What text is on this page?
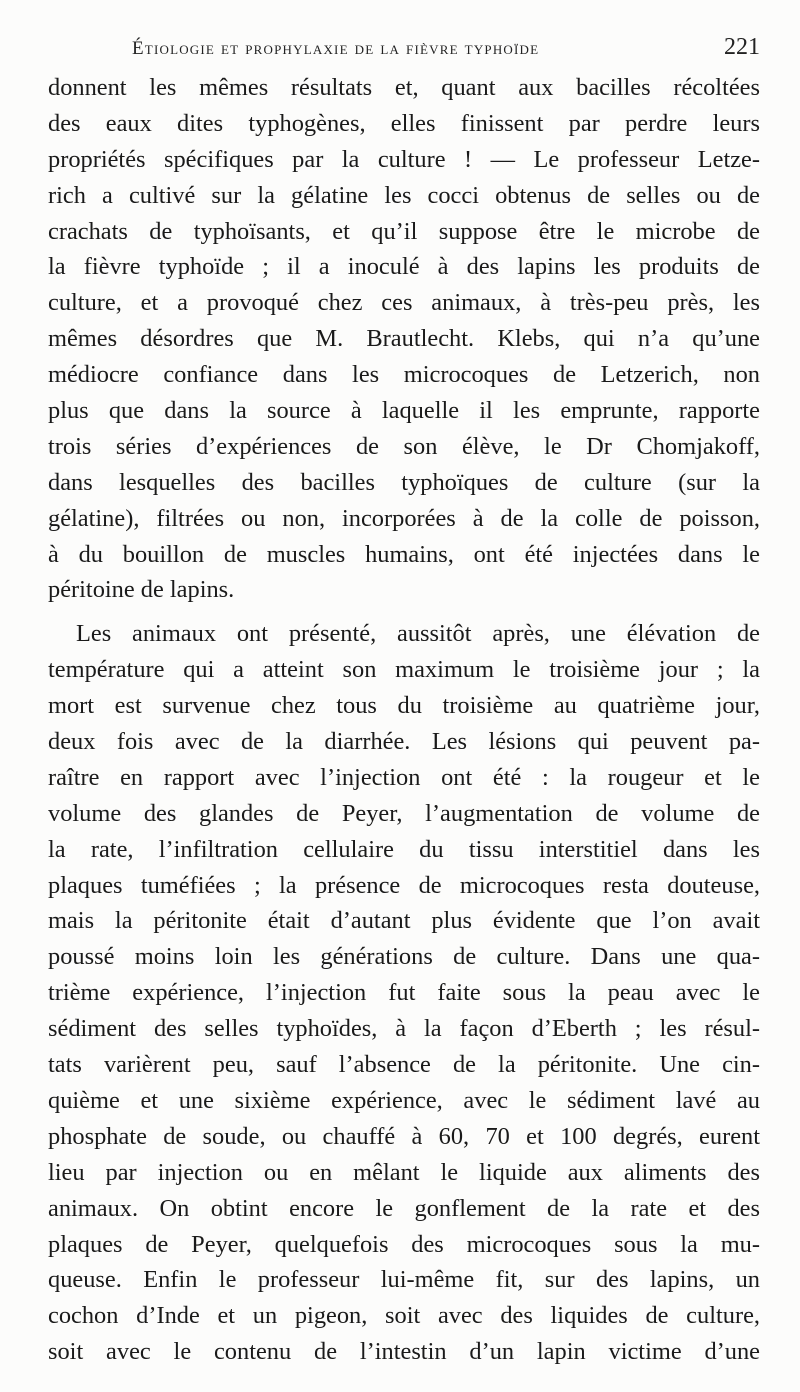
Étiologie et prophylaxie de la fièvre typhoïde	221
donnent les mêmes résultats et, quant aux bacilles récoltées
des eaux dites typhogènes, elles finissent par perdre leurs
propriétés spécifiques par la culture ! — Le professeur Letze-
rich a cultivé sur la gélatine les cocci obtenus de selles ou de
crachats de typhoïsants, et qu’il suppose être le microbe de
la fièvre typhoïde ; il a inoculé à des lapins les produits de
culture, et a provoqué chez ces animaux, à très-peu près, les
mêmes désordres que M. Brautlecht. Klebs, qui n’a qu’une
médiocre confiance dans les microcoques de Letzerich, non
plus que dans la source à laquelle il les emprunte, rapporte
trois séries d’expériences de son élève, le Dr Chomjakoff,
dans lesquelles des bacilles typhoïques de culture (sur la
gélatine), filtrées ou non, incorporées à de la colle de poisson,
à du bouillon de muscles humains, ont été injectées dans le
péritoine de lapins.
Les animaux ont présenté, aussitôt après, une élévation de
température qui a atteint son maximum le troisième jour ; la
mort est survenue chez tous du troisième au quatrième jour,
deux fois avec de la diarrhée. Les lésions qui peuvent pa-
raître en rapport avec l’injection ont été : la rougeur et le
volume des glandes de Peyer, l’augmentation de volume de
la rate, l’infiltration cellulaire du tissu interstitiel dans les
plaques tuméfiées ; la présence de microcoques resta douteuse,
mais la péritonite était d’autant plus évidente que l’on avait
poussé moins loin les générations de culture. Dans une qua-
trième expérience, l’injection fut faite sous la peau avec le
sédiment des selles typhoïdes, à la façon d’Eberth ; les résul-
tats varièrent peu, sauf l’absence de la péritonite. Une cin-
quième et une sixième expérience, avec le sédiment lavé au
phosphate de soude, ou chauffé à 60, 70 et 100 degrés, eurent
lieu par injection ou en mêlant le liquide aux aliments des
animaux. On obtint encore le gonflement de la rate et des
plaques de Peyer, quelquefois des microcoques sous la mu-
queuse. Enfin le professeur lui-même fit, sur des lapins, un
cochon d’Inde et un pigeon, soit avec des liquides de culture,
soit avec le contenu de l’intestin d’un lapin victime d’une
